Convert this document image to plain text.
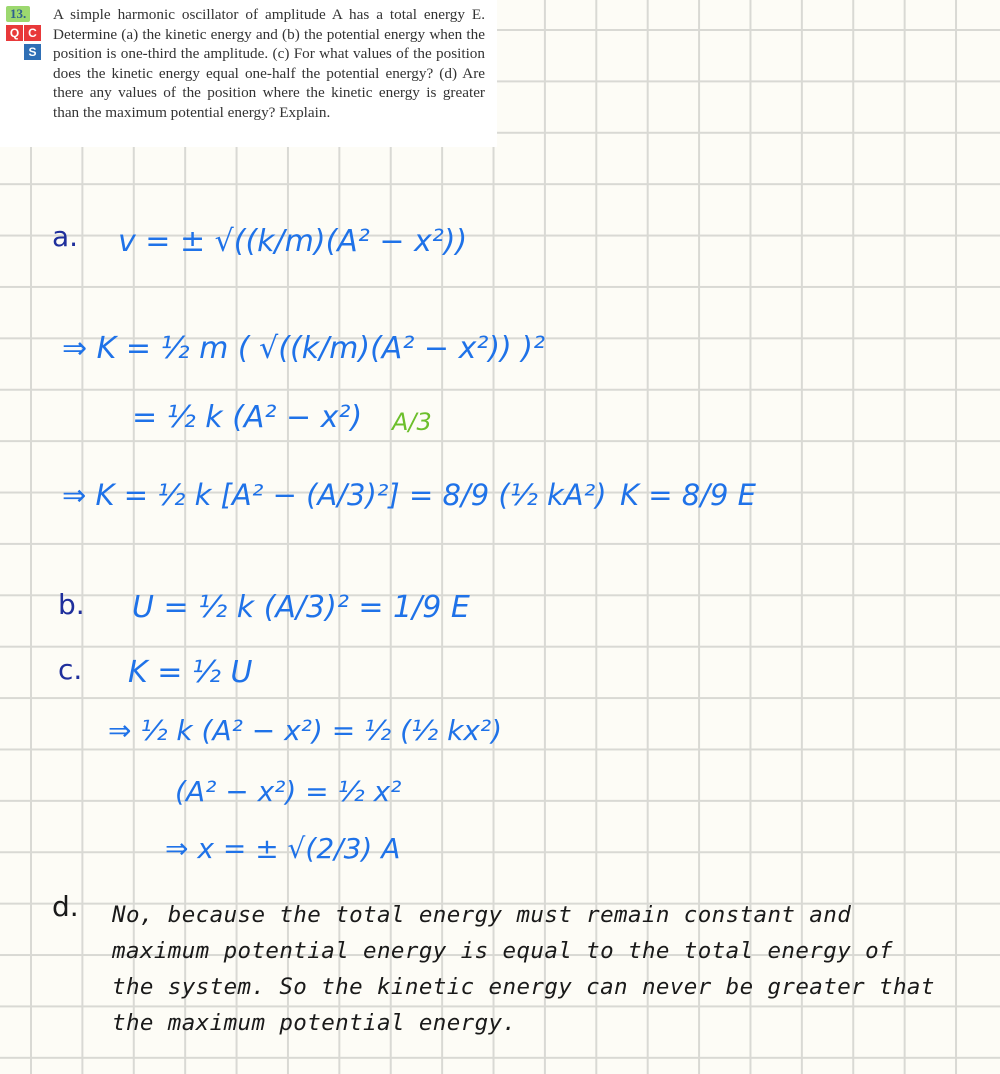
13.
Q C
S
A simple harmonic oscillator of amplitude A has a total energy E. Determine (a) the kinetic energy and (b) the potential energy when the position is one-third the amplitude. (c) For what values of the position does the kinetic energy equal one-half the potential energy? (d) Are there any values of the position where the kinetic energy is greater than the maximum potential energy? Explain.
a. v = ± √((k/m)(A² − x²))
⇒ K = ½ m ( √((k/m)(A² − x²)) )²
= ½ k (A² − x²) A/3
⇒ K = ½ k [A² − (A/3)²] = 8/9 (½ kA²) K = 8/9 E
b. U = ½ k (A/3)² = 1/9 E
c. K = ½ U
⇒ ½ k (A² − x²) = ½ (½ kx²)
(A² − x²) = ½ x²
⇒ x = ± √(2/3) A
d. No, because the total energy must remain constant and maximum potential energy is equal to the total energy of the system. So the kinetic energy can never be greater that the maximum potential energy.
